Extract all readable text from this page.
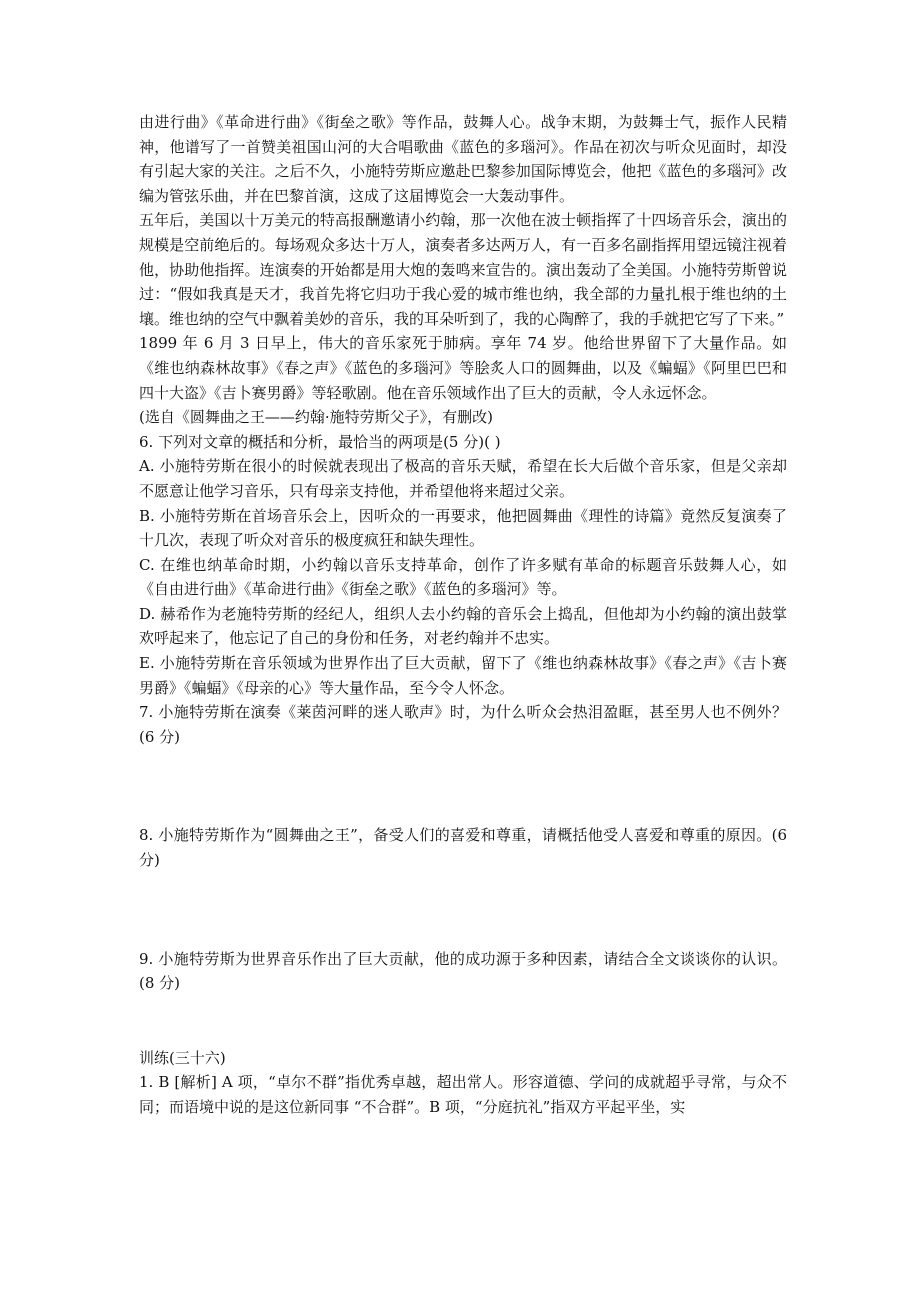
由进行曲》《革命进行曲》《街垒之歌》等作品，鼓舞人心。战争末期，为鼓舞士气，振作人民精神，他谱写了一首赞美祖国山河的大合唱歌曲《蓝色的多瑙河》。作品在初次与听众见面时，却没有引起大家的关注。之后不久，小施特劳斯应邀赴巴黎参加国际博览会，他把《蓝色的多瑙河》改编为管弦乐曲，并在巴黎首演，这成了这届博览会一大轰动事件。

五年后，美国以十万美元的特高报酬邀请小约翰，那一次他在波士顿指挥了十四场音乐会，演出的规模是空前绝后的。每场观众多达十万人，演奏者多达两万人，有一百多名副指挥用望远镜注视着他，协助他指挥。连演奏的开始都是用大炮的轰鸣来宣告的。演出轰动了全美国。小施特劳斯曾说过：“假如我真是天才，我首先将它归功于我心爱的城市维也纳，我全部的力量扎根于维也纳的土壤。维也纳的空气中飘着美妙的音乐，我的耳朵听到了，我的心陶醉了，我的手就把它写了下来。”

1899 年 6 月 3 日早上，伟大的音乐家死于肺病。享年 74 岁。他给世界留下了大量作品。如《维也纳森林故事》《春之声》《蓝色的多瑙河》等脍炙人口的圆舞曲，以及《蝙蝠》《阿里巴巴和四十大盗》《吉卜赛男爵》等轻歌剧。他在音乐领域作出了巨大的贡献，令人永远怀念。

(选自《圆舞曲之王——约翰·施特劳斯父子》，有删改)

6. 下列对文章的概括和分析，最恰当的两项是(5 分)( )

A. 小施特劳斯在很小的时候就表现出了极高的音乐天赋，希望在长大后做个音乐家，但是父亲却不愿意让他学习音乐，只有母亲支持他，并希望他将来超过父亲。

B. 小施特劳斯在首场音乐会上，因听众的一再要求，他把圆舞曲《理性的诗篇》竟然反复演奏了十几次，表现了听众对音乐的极度疯狂和缺失理性。

C. 在维也纳革命时期，小约翰以音乐支持革命，创作了许多赋有革命的标题音乐鼓舞人心，如《自由进行曲》《革命进行曲》《街垒之歌》《蓝色的多瑙河》等。

D. 赫希作为老施特劳斯的经纪人，组织人去小约翰的音乐会上捣乱，但他却为小约翰的演出鼓掌欢呼起来了，他忘记了自己的身份和任务，对老约翰并不忠实。

E. 小施特劳斯在音乐领域为世界作出了巨大贡献，留下了《维也纳森林故事》《春之声》《吉卜赛男爵》《蝙蝠》《母亲的心》等大量作品，至今令人怀念。

7. 小施特劳斯在演奏《莱茵河畔的迷人歌声》时，为什么听众会热泪盈眶，甚至男人也不例外？(6 分)

8. 小施特劳斯作为“圆舞曲之王”，备受人们的喜爱和尊重，请概括他受人喜爱和尊重的原因。(6 分)

9. 小施特劳斯为世界音乐作出了巨大贡献，他的成功源于多种因素，请结合全文谈谈你的认识。(8 分)

训练(三十六)

1. B [解析] A 项，“卓尔不群”指优秀卓越，超出常人。形容道德、学问的成就超乎寻常，与众不同；而语境中说的是这位新同事 “不合群”。B 项，“分庭抗礼”指双方平起平坐，实
